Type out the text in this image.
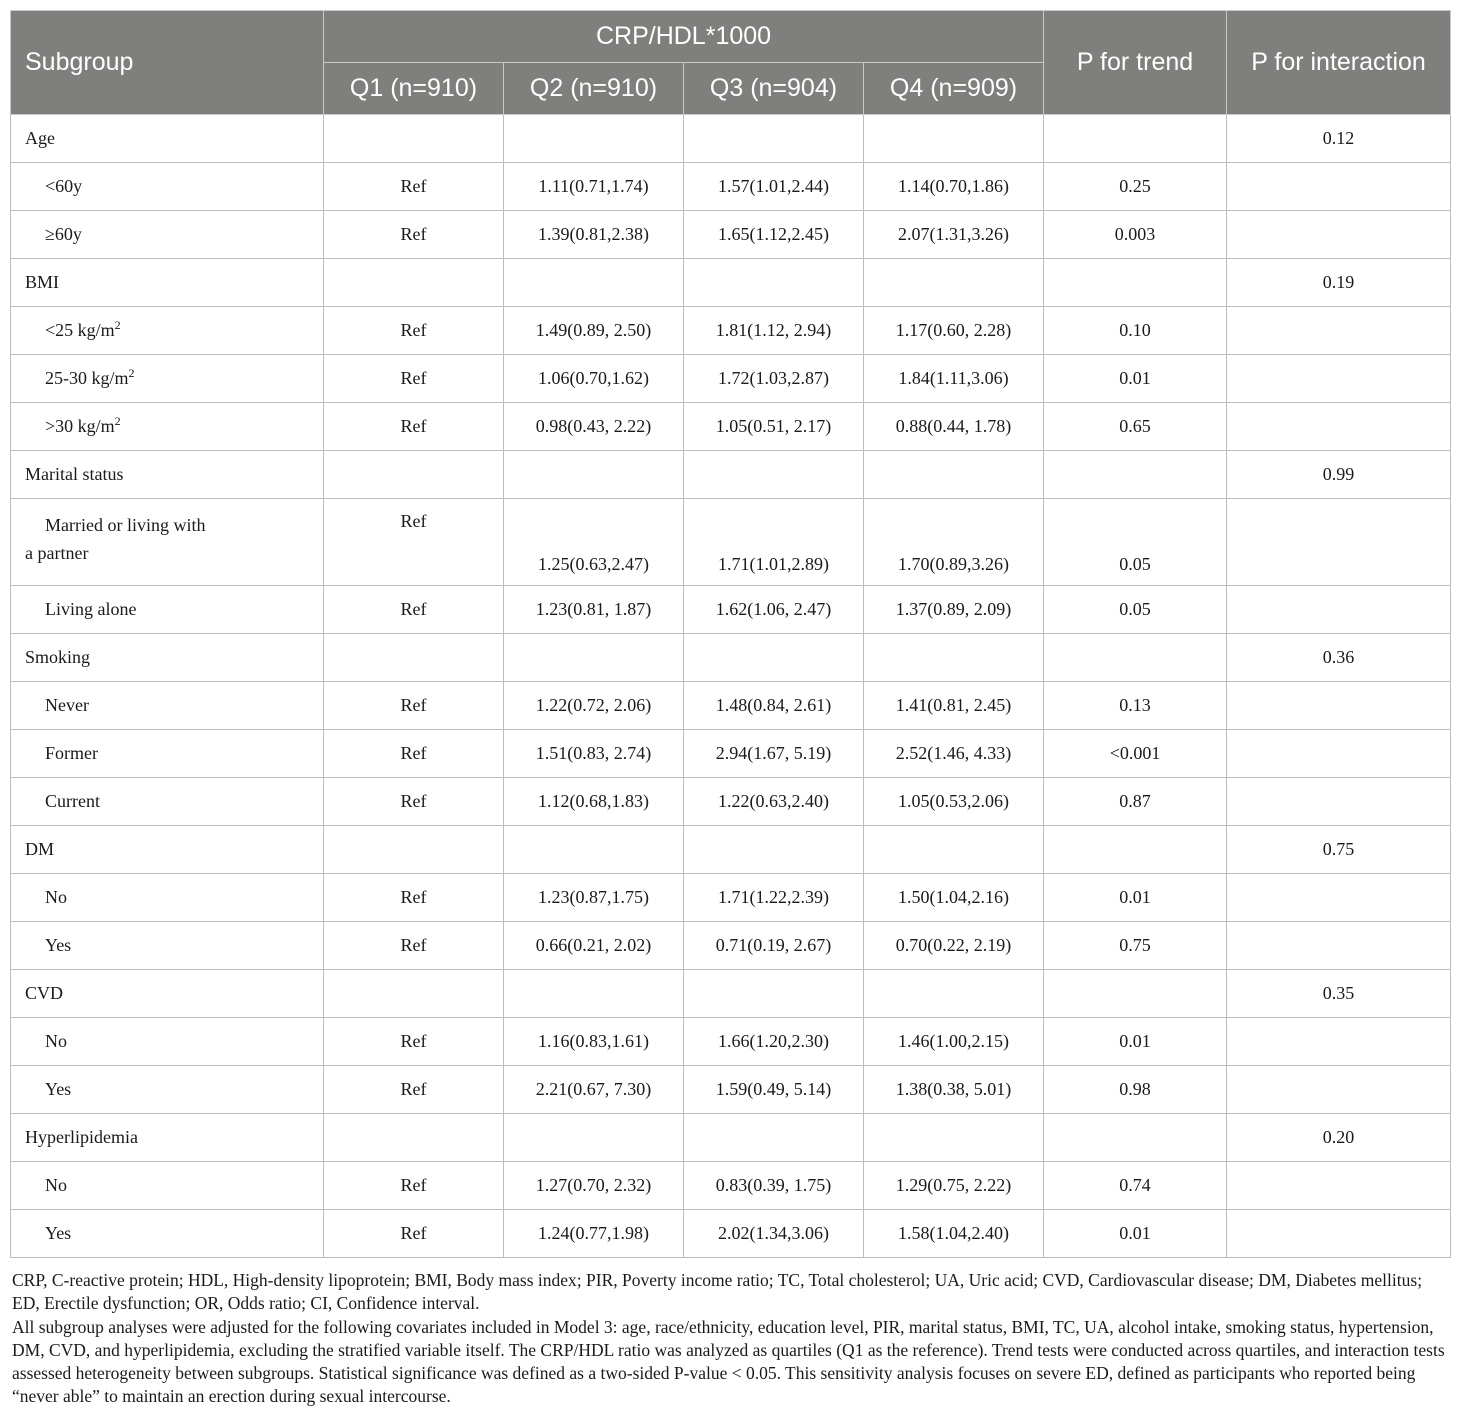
Subgroup	CRP/HDL*1000				P for trend	P for interaction
	Q1 (n=910)	Q2 (n=910)	Q3 (n=904)	Q4 (n=909)		
Age						0.12
<60y	Ref	1.11(0.71,1.74)	1.57(1.01,2.44)	1.14(0.70,1.86)	0.25	
≥60y	Ref	1.39(0.81,2.38)	1.65(1.12,2.45)	2.07(1.31,3.26)	0.003	
BMI						0.19
<25 $kg/m^2$	Ref	1.49(0.89, 2.50)	1.81(1.12, 2.94)	1.17(0.60, 2.28)	0.10	
25-30 $kg/m^2$	Ref	1.06(0.70,1.62)	1.72(1.03,2.87)	1.84(1.11,3.06)	0.01	
>30 $kg/m^2$	Ref	0.98(0.43, 2.22)	1.05(0.51, 2.17)	0.88(0.44, 1.78)	0.65	
Marital status						0.99
Married or living with
a partner	Ref	1.25(0.63,2.47)	1.71(1.01,2.89)	1.70(0.89,3.26)	0.05	
Living alone	Ref	1.23(0.81, 1.87)	1.62(1.06, 2.47)	1.37(0.89, 2.09)	0.05	
Smoking						0.36
Never	Ref	1.22(0.72, 2.06)	1.48(0.84, 2.61)	1.41(0.81, 2.45)	0.13	
Former	Ref	1.51(0.83, 2.74)	2.94(1.67, 5.19)	2.52(1.46, 4.33)	<0.001	
Current	Ref	1.12(0.68,1.83)	1.22(0.63,2.40)	1.05(0.53,2.06)	0.87	
DM						0.75
No	Ref	1.23(0.87,1.75)	1.71(1.22,2.39)	1.50(1.04,2.16)	0.01	
Yes	Ref	0.66(0.21, 2.02)	0.71(0.19, 2.67)	0.70(0.22, 2.19)	0.75	
CVD						0.35
No	Ref	1.16(0.83,1.61)	1.66(1.20,2.30)	1.46(1.00,2.15)	0.01	
Yes	Ref	2.21(0.67, 7.30)	1.59(0.49, 5.14)	1.38(0.38, 5.01)	0.98	
Hyperlipidemia						0.20
No	Ref	1.27(0.70, 2.32)	0.83(0.39, 1.75)	1.29(0.75, 2.22)	0.74	
Yes	Ref	1.24(0.77,1.98)	2.02(1.34,3.06)	1.58(1.04,2.40)	0.01	

CRP, C-reactive protein; HDL, High-density lipoprotein; BMI, Body mass index; PIR, Poverty income ratio; TC, Total cholesterol; UA, Uric acid; CVD, Cardiovascular disease; DM, Diabetes mellitus; ED, Erectile dysfunction; OR, Odds ratio; CI, Confidence interval.

All subgroup analyses were adjusted for the following covariates included in Model 3: age, race/ethnicity, education level, PIR, marital status, BMI, TC, UA, alcohol intake, smoking status, hypertension, DM, CVD, and hyperlipidemia, excluding the stratified variable itself. The CRP/HDL ratio was analyzed as quartiles (Q1 as the reference). Trend tests were conducted across quartiles, and interaction tests assessed heterogeneity between subgroups. Statistical significance was defined as a two-sided P-value < 0.05. This sensitivity analysis focuses on severe ED, defined as participants who reported being “never able” to maintain an erection during sexual intercourse.
